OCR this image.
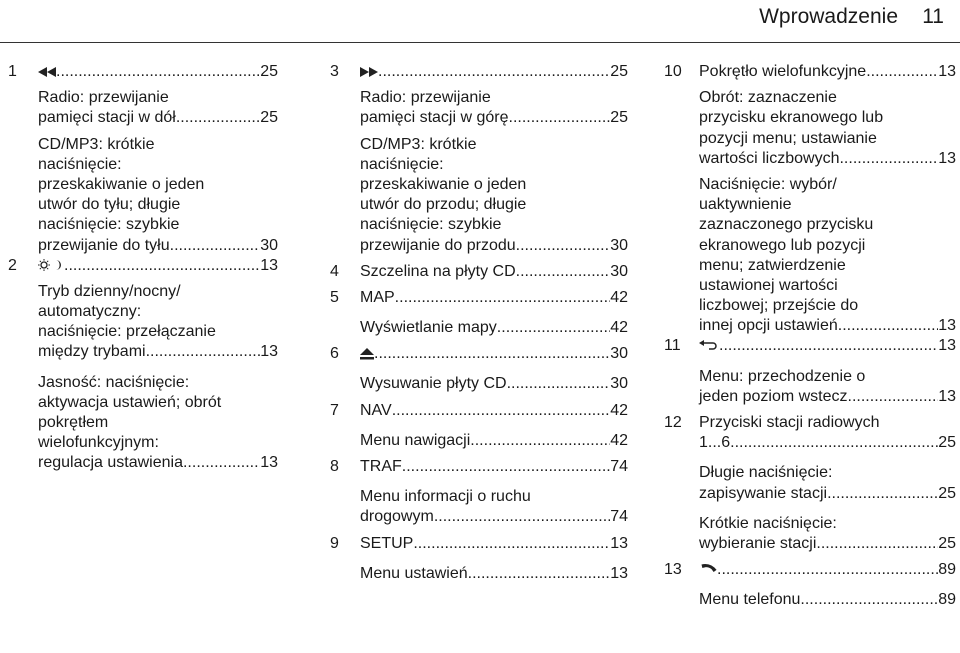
Wprowadzenie 11
1 .....	25
Radio: przewijanie
pamięci stacji w dół .....	25
CD/MP3: krótkie
naciśnięcie:
przeskakiwanie o jeden
utwór do tyłu; długie
naciśnięcie: szybkie
przewijanie do tyłu .....	30
2 .....	13
Tryb dzienny/nocny/
automatyczny:
naciśnięcie: przełączanie
między trybami .....	13
Jasność: naciśnięcie:
aktywacja ustawień; obrót
pokrętłem
wielofunkcyjnym:
regulacja ustawienia .....	13
3 .....	25
Radio: przewijanie
pamięci stacji w górę .....	25
CD/MP3: krótkie
naciśnięcie:
przeskakiwanie o jeden
utwór do przodu; długie
naciśnięcie: szybkie
przewijanie do przodu .....	30
4 Szczelina na płyty CD .....	30
5 MAP .....	42
Wyświetlanie mapy .....	42
6 .....	30
Wysuwanie płyty CD .....	30
7 NAV .....	42
Menu nawigacji .....	42
8 TRAF .....	74
Menu informacji o ruchu
drogowym .....	74
9 SETUP .....	13
Menu ustawień .....	13
10 Pokrętło wielofunkcyjne .....	13
Obrót: zaznaczenie
przycisku ekranowego lub
pozycji menu; ustawianie
wartości liczbowych .....	13
Naciśnięcie: wybór/
uaktywnienie
zaznaczonego przycisku
ekranowego lub pozycji
menu; zatwierdzenie
ustawionej wartości
liczbowej; przejście do
innej opcji ustawień .....	13
11 .....	13
Menu: przechodzenie o
jeden poziom wstecz .....	13
12 Przyciski stacji radiowych
1...6 .....	25
Długie naciśnięcie:
zapisywanie stacji .....	25
Krótkie naciśnięcie:
wybieranie stacji .....	25
13 .....	89
Menu telefonu .....	89
